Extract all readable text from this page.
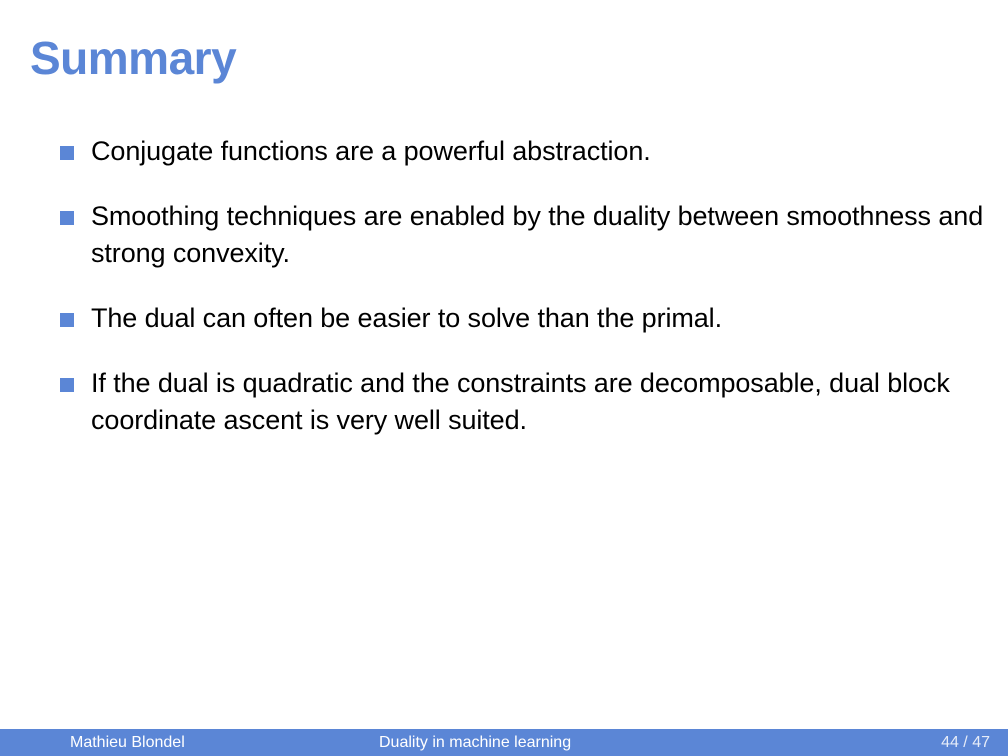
Summary
Conjugate functions are a powerful abstraction.
Smoothing techniques are enabled by the duality between smoothness and strong convexity.
The dual can often be easier to solve than the primal.
If the dual is quadratic and the constraints are decomposable, dual block coordinate ascent is very well suited.
Mathieu Blondel	Duality in machine learning	44 / 47
